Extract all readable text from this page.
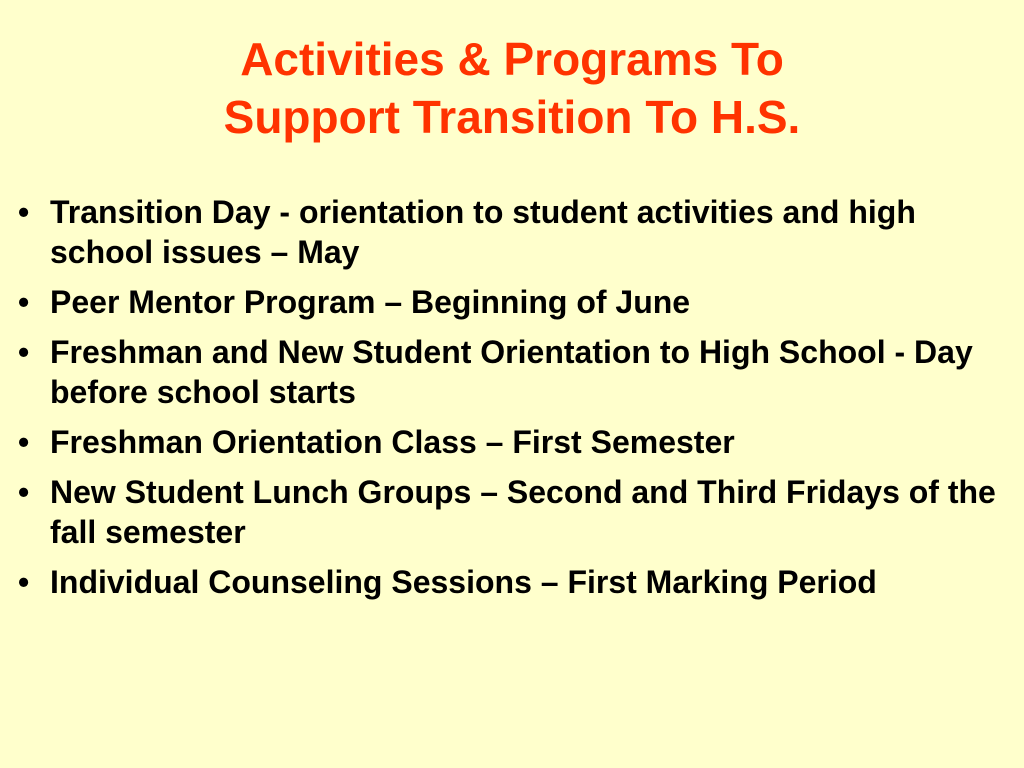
Activities & Programs To
Support Transition To H.S.
• Transition Day - orientation to student activities and high school issues – May
• Peer Mentor Program – Beginning of June
• Freshman and New Student Orientation to High School - Day before school starts
• Freshman Orientation Class – First Semester
• New Student Lunch Groups – Second and Third Fridays of the fall semester
• Individual Counseling Sessions – First Marking Period
